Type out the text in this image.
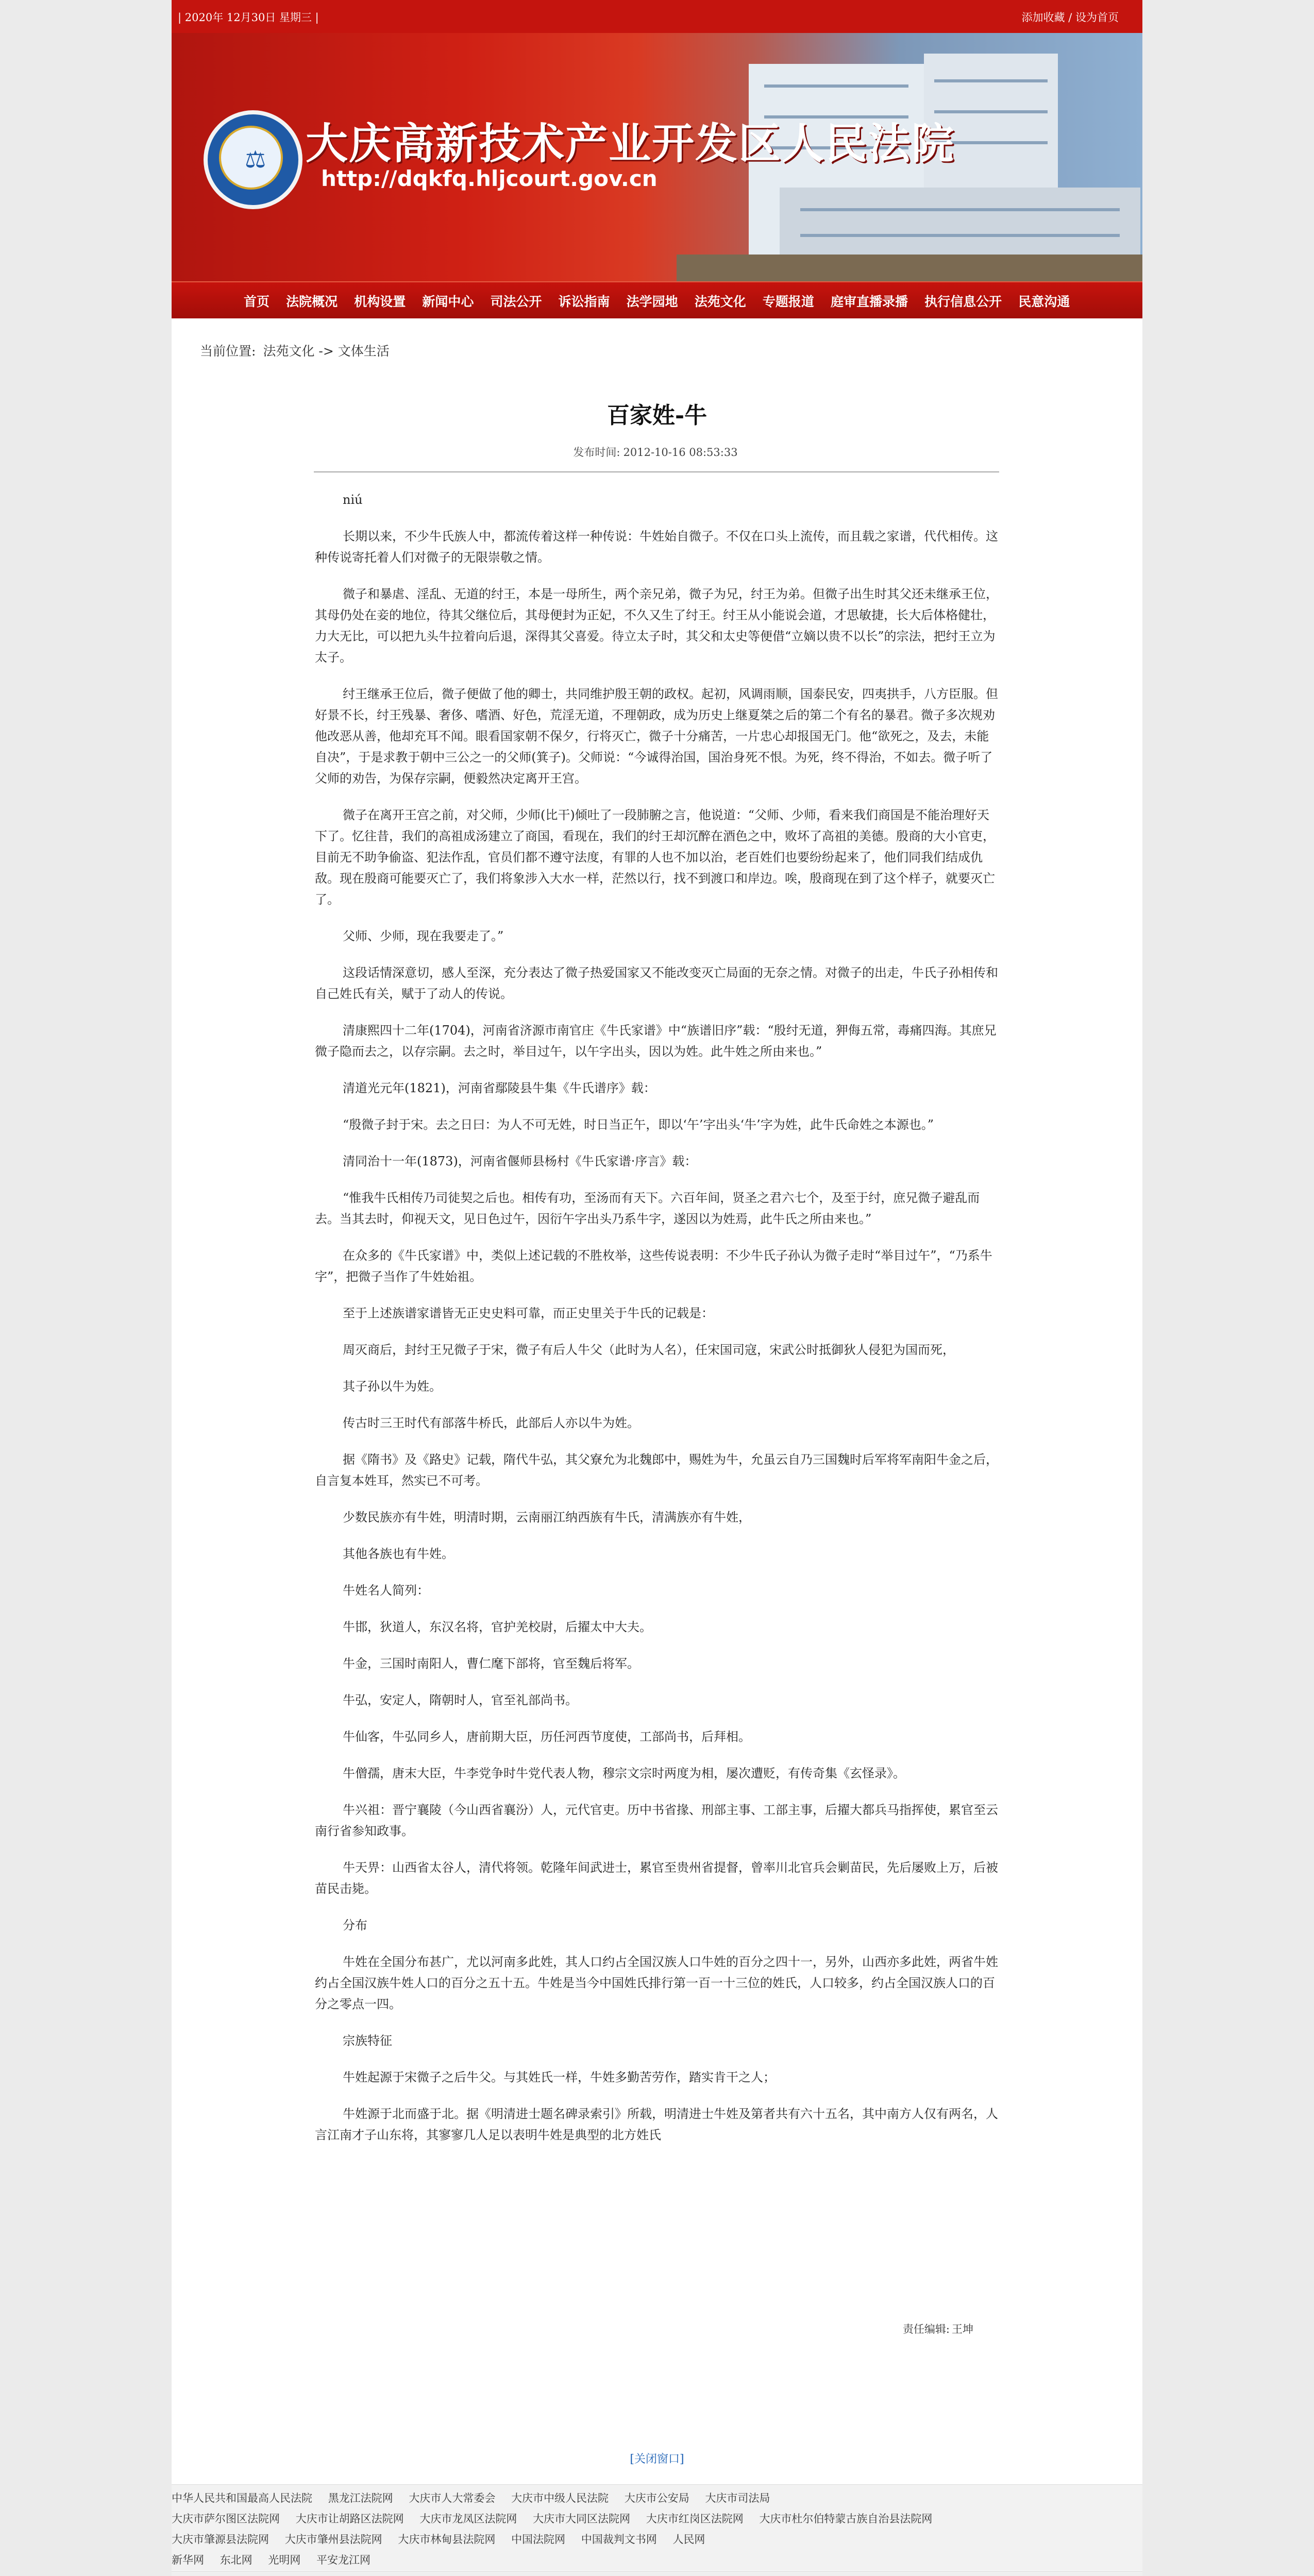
| 2020年 12月30日 星期三 |	添加收藏 / 设为首页
⚖ 大庆高新技术产业开发区人民法院
http://dqkfq.hljcourt.gov.cn
首页 法院概况 机构设置 新闻中心 司法公开 诉讼指南 法学园地 法苑文化 专题报道 庭审直播录播 执行信息公开 民意沟通
当前位置: 法苑文化 -> 文体生活
百家姓-牛
发布时间: 2012-10-16 08:53:33

niú

长期以来，不少牛氏族人中，都流传着这样一种传说：牛姓始自微子。不仅在口头上流传，而且载之家谱，代代相传。这种传说寄托着人们对微子的无限崇敬之情。

微子和暴虐、淫乱、无道的纣王，本是一母所生，两个亲兄弟，微子为兄，纣王为弟。但微子出生时其父还未继承王位，其母仍处在妾的地位，待其父继位后，其母便封为正妃，不久又生了纣王。纣王从小能说会道，才思敏捷，长大后体格健壮，力大无比，可以把九头牛拉着向后退，深得其父喜爱。待立太子时，其父和太史等便借“立嫡以贵不以长”的宗法，把纣王立为太子。

纣王继承王位后，微子便做了他的卿士，共同维护殷王朝的政权。起初，风调雨顺，国泰民安，四夷拱手，八方臣服。但好景不长，纣王残暴、奢侈、嗜酒、好色，荒淫无道，不理朝政，成为历史上继夏桀之后的第二个有名的暴君。微子多次规劝他改恶从善，他却充耳不闻。眼看国家朝不保夕，行将灭亡，微子十分痛苦，一片忠心却报国无门。他“欲死之，及去，未能自决”，于是求教于朝中三公之一的父师(箕子)。父师说：“今诚得治国，国治身死不恨。为死，终不得治，不如去。微子听了父师的劝告，为保存宗嗣，便毅然决定离开王宫。

微子在离开王宫之前，对父师，少师(比干)倾吐了一段肺腑之言，他说道：“父师、少师，看来我们商国是不能治理好天下了。忆往昔，我们的高祖成汤建立了商国，看现在，我们的纣王却沉醉在酒色之中，败坏了高祖的美德。殷商的大小官吏，目前无不助争偷盗、犯法作乱，官员们都不遵守法度，有罪的人也不加以治，老百姓们也要纷纷起来了，他们同我们结成仇敌。现在殷商可能要灭亡了，我们将象涉入大水一样，茫然以行，找不到渡口和岸边。唉，殷商现在到了这个样子，就要灭亡了。

父师、少师，现在我要走了。”

这段话情深意切，感人至深，充分表达了微子热爱国家又不能改变灭亡局面的无奈之情。对微子的出走，牛氏子孙相传和自己姓氏有关，赋于了动人的传说。

清康熙四十二年(1704)，河南省济源市南官庄《牛氏家谱》中“族谱旧序”载：“殷纣无道，狎侮五常，毒痛四海。其庶兄微子隐而去之，以存宗嗣。去之时，举目过午，以午字出头，因以为姓。此牛姓之所由来也。”

清道光元年(1821)，河南省鄢陵县牛集《牛氏谱序》载：

“殷微子封于宋。去之日曰：为人不可无姓，时日当正午，即以‘午’字出头‘牛’字为姓，此牛氏命姓之本源也。”

清同治十一年(1873)，河南省偃师县杨村《牛氏家谱·序言》载：

“惟我牛氏相传乃司徒契之后也。相传有功，至汤而有天下。六百年间，贤圣之君六七个，及至于纣，庶兄微子避乱而去。当其去时，仰视天文，见日色过午，因衍午字出头乃系牛字，遂因以为姓焉，此牛氏之所由来也。”

在众多的《牛氏家谱》中，类似上述记载的不胜枚举，这些传说表明：不少牛氏子孙认为微子走时“举目过午”，“乃系牛字”，把微子当作了牛姓始祖。

至于上述族谱家谱皆无正史史料可靠，而正史里关于牛氏的记载是：

周灭商后，封纣王兄微子于宋，微子有后人牛父（此时为人名），任宋国司寇，宋武公时抵御狄人侵犯为国而死，

其子孙以牛为姓。

传古时三王时代有部落牛桥氏，此部后人亦以牛为姓。

据《隋书》及《路史》记载，隋代牛弘，其父寮允为北魏郎中，赐姓为牛，允虽云自乃三国魏时后军将军南阳牛金之后，自言复本姓耳，然实已不可考。

少数民族亦有牛姓，明清时期，云南丽江纳西族有牛氏，清满族亦有牛姓，

其他各族也有牛姓。

牛姓名人简列：

牛邯，狄道人，东汉名将，官护羌校尉，后擢太中大夫。

牛金，三国时南阳人，曹仁麾下部将，官至魏后将军。

牛弘，安定人，隋朝时人，官至礼部尚书。

牛仙客，牛弘同乡人，唐前期大臣，历任河西节度使，工部尚书，后拜相。

牛僧孺，唐末大臣，牛李党争时牛党代表人物，穆宗文宗时两度为相，屡次遭贬，有传奇集《玄怪录》。

牛兴祖：晋宁襄陵（今山西省襄汾）人，元代官吏。历中书省掾、刑部主事、工部主事，后擢大都兵马指挥使，累官至云南行省参知政事。

牛天畀：山西省太谷人，清代将领。乾隆年间武进士，累官至贵州省提督，曾率川北官兵会剿苗民，先后屡败上万，后被苗民击毙。

分布

牛姓在全国分布甚广，尤以河南多此姓，其人口约占全国汉族人口牛姓的百分之四十一，另外，山西亦多此姓，两省牛姓约占全国汉族牛姓人口的百分之五十五。牛姓是当今中国姓氏排行第一百一十三位的姓氏，人口较多，约占全国汉族人口的百分之零点一四。

宗族特征

牛姓起源于宋微子之后牛父。与其姓氏一样，牛姓多勤苦劳作，踏实肯干之人；

牛姓源于北而盛于北。据《明清进士题名碑录索引》所载，明清进士牛姓及第者共有六十五名，其中南方人仅有两名，人言江南才子山东将，其寥寥几人足以表明牛姓是典型的北方姓氏

责任编辑: 王坤
[关闭窗口]
中华人民共和国最高人民法院 黑龙江法院网 大庆市人大常委会 大庆市中级人民法院 大庆市公安局 大庆市司法局
大庆市萨尔图区法院网 大庆市让胡路区法院网 大庆市龙凤区法院网 大庆市大同区法院网 大庆市红岗区法院网 大庆市杜尔伯特蒙古族自治县法院网
大庆市肇源县法院网 大庆市肇州县法院网 大庆市林甸县法院网 中国法院网 中国裁判文书网 人民网
新华网 东北网 光明网 平安龙江网
